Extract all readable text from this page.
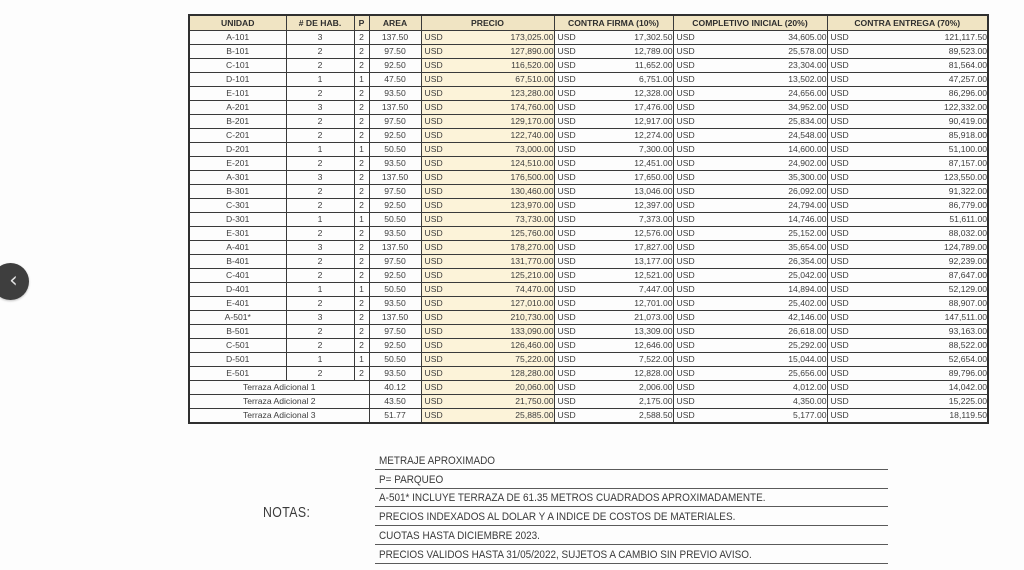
‹
UNIDAD	# DE HAB.	P	AREA	PRECIO	CONTRA FIRMA (10%)	COMPLETIVO INICIAL (20%)	CONTRA ENTREGA (70%)
A-101	3	2	137.50	USD 173,025.00	USD 17,302.50	USD 34,605.00	USD 121,117.50
B-101	2	2	97.50	USD 127,890.00	USD 12,789.00	USD 25,578.00	USD 89,523.00
C-101	2	2	92.50	USD 116,520.00	USD 11,652.00	USD 23,304.00	USD 81,564.00
D-101	1	1	47.50	USD 67,510.00	USD 6,751.00	USD 13,502.00	USD 47,257.00
E-101	2	2	93.50	USD 123,280.00	USD 12,328.00	USD 24,656.00	USD 86,296.00
A-201	3	2	137.50	USD 174,760.00	USD 17,476.00	USD 34,952.00	USD 122,332.00
B-201	2	2	97.50	USD 129,170.00	USD 12,917.00	USD 25,834.00	USD 90,419.00
C-201	2	2	92.50	USD 122,740.00	USD 12,274.00	USD 24,548.00	USD 85,918.00
D-201	1	1	50.50	USD 73,000.00	USD 7,300.00	USD 14,600.00	USD 51,100.00
E-201	2	2	93.50	USD 124,510.00	USD 12,451.00	USD 24,902.00	USD 87,157.00
A-301	3	2	137.50	USD 176,500.00	USD 17,650.00	USD 35,300.00	USD 123,550.00
B-301	2	2	97.50	USD 130,460.00	USD 13,046.00	USD 26,092.00	USD 91,322.00
C-301	2	2	92.50	USD 123,970.00	USD 12,397.00	USD 24,794.00	USD 86,779.00
D-301	1	1	50.50	USD 73,730.00	USD 7,373.00	USD 14,746.00	USD 51,611.00
E-301	2	2	93.50	USD 125,760.00	USD 12,576.00	USD 25,152.00	USD 88,032.00
A-401	3	2	137.50	USD 178,270.00	USD 17,827.00	USD 35,654.00	USD 124,789.00
B-401	2	2	97.50	USD 131,770.00	USD 13,177.00	USD 26,354.00	USD 92,239.00
C-401	2	2	92.50	USD 125,210.00	USD 12,521.00	USD 25,042.00	USD 87,647.00
D-401	1	1	50.50	USD 74,470.00	USD 7,447.00	USD 14,894.00	USD 52,129.00
E-401	2	2	93.50	USD 127,010.00	USD 12,701.00	USD 25,402.00	USD 88,907.00
A-501*	3	2	137.50	USD 210,730.00	USD 21,073.00	USD 42,146.00	USD 147,511.00
B-501	2	2	97.50	USD 133,090.00	USD 13,309.00	USD 26,618.00	USD 93,163.00
C-501	2	2	92.50	USD 126,460.00	USD 12,646.00	USD 25,292.00	USD 88,522.00
D-501	1	1	50.50	USD 75,220.00	USD 7,522.00	USD 15,044.00	USD 52,654.00
E-501	2	2	93.50	USD 128,280.00	USD 12,828.00	USD 25,656.00	USD 89,796.00
Terraza Adicional 1			40.12	USD 20,060.00	USD 2,006.00	USD 4,012.00	USD 14,042.00
Terraza Adicional 2			43.50	USD 21,750.00	USD 2,175.00	USD 4,350.00	USD 15,225.00
Terraza Adicional 3			51.77	USD 25,885.00	USD 2,588.50	USD 5,177.00	USD 18,119.50
NOTAS:
METRAJE APROXIMADO
P= PARQUEO
A-501* INCLUYE TERRAZA DE 61.35 METROS CUADRADOS APROXIMADAMENTE.
PRECIOS INDEXADOS AL DOLAR Y A INDICE DE COSTOS DE MATERIALES.
CUOTAS HASTA DICIEMBRE 2023.
PRECIOS VALIDOS HASTA 31/05/2022, SUJETOS A CAMBIO SIN PREVIO AVISO.
